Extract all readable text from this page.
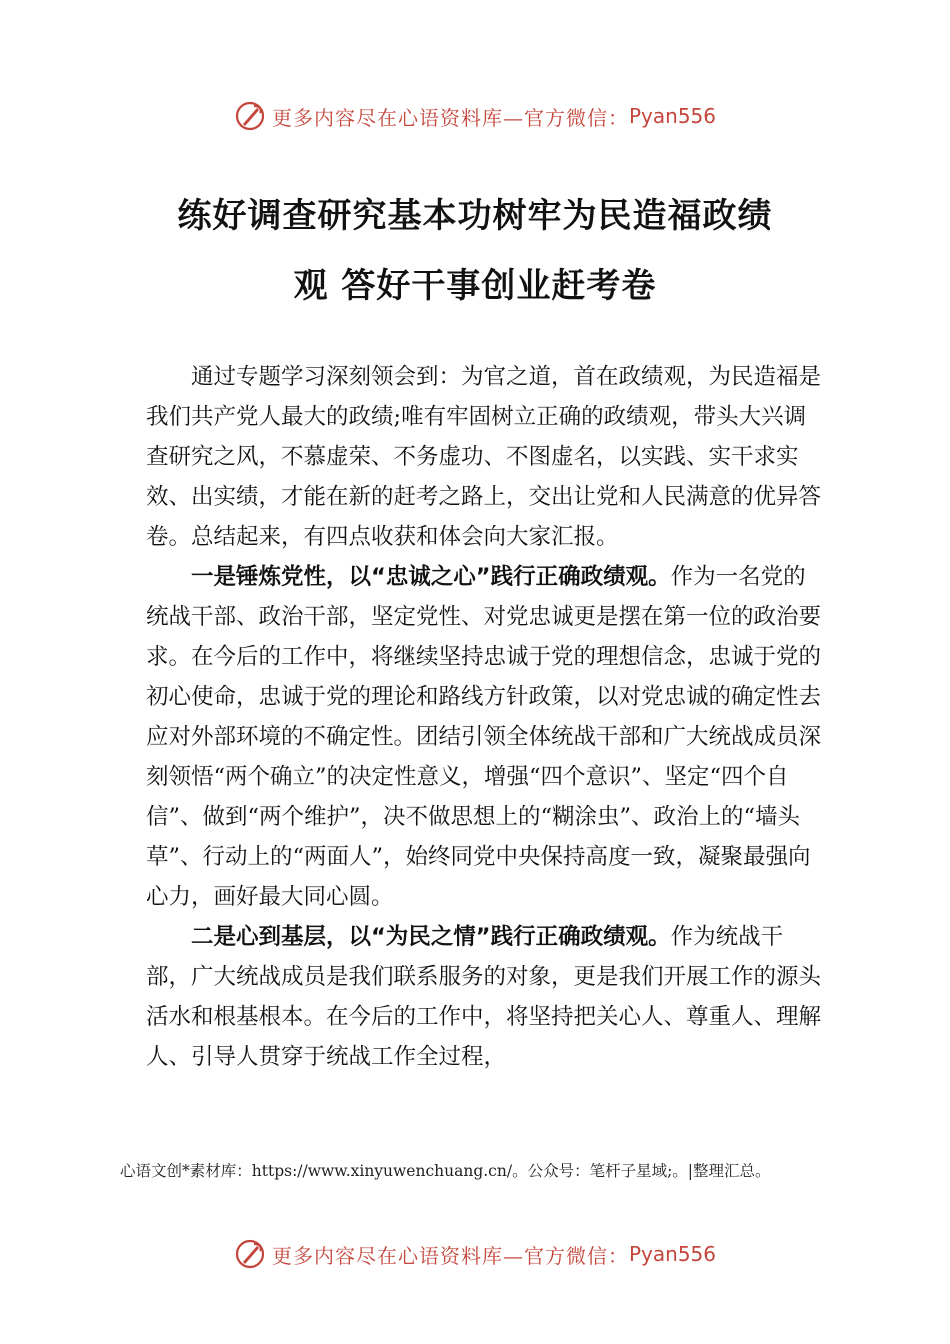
更多内容尽在心语资料库—官方微信： Pyan556
练好调查研究基本功树牢为民造福政绩
观 答好干事创业赶考卷

通过专题学习深刻领会到：为官之道，首在政绩观，为民造福是我们共产党人最大的政绩;唯有牢固树立正确的政绩观，带头大兴调查研究之风，不慕虚荣、不务虚功、不图虚名，以实践、实干求实效、出实绩，才能在新的赶考之路上，交出让党和人民满意的优异答卷。总结起来，有四点收获和体会向大家汇报。

一是锤炼党性，以“忠诚之心”践行正确政绩观。作为一名党的统战干部、政治干部，坚定党性、对党忠诚更是摆在第一位的政治要求。在今后的工作中，将继续坚持忠诚于党的理想信念，忠诚于党的初心使命，忠诚于党的理论和路线方针政策，以对党忠诚的确定性去应对外部环境的不确定性。团结引领全体统战干部和广大统战成员深刻领悟“两个确立”的决定性意义，增强“四个意识”、坚定“四个自信”、做到“两个维护”，决不做思想上的“糊涂虫”、政治上的“墙头草”、行动上的“两面人”，始终同党中央保持高度一致，凝聚最强向心力，画好最大同心圆。

二是心到基层，以“为民之情”践行正确政绩观。作为统战干部，广大统战成员是我们联系服务的对象，更是我们开展工作的源头活水和根基根本。在今后的工作中，将坚持把关心人、尊重人、理解人、引导人贯穿于统战工作全过程，

心语文创*素材库：https://www.xinyuwenchuang.cn/。公众号：笔杆子星域;。|整理汇总。
更多内容尽在心语资料库—官方微信： Pyan556
